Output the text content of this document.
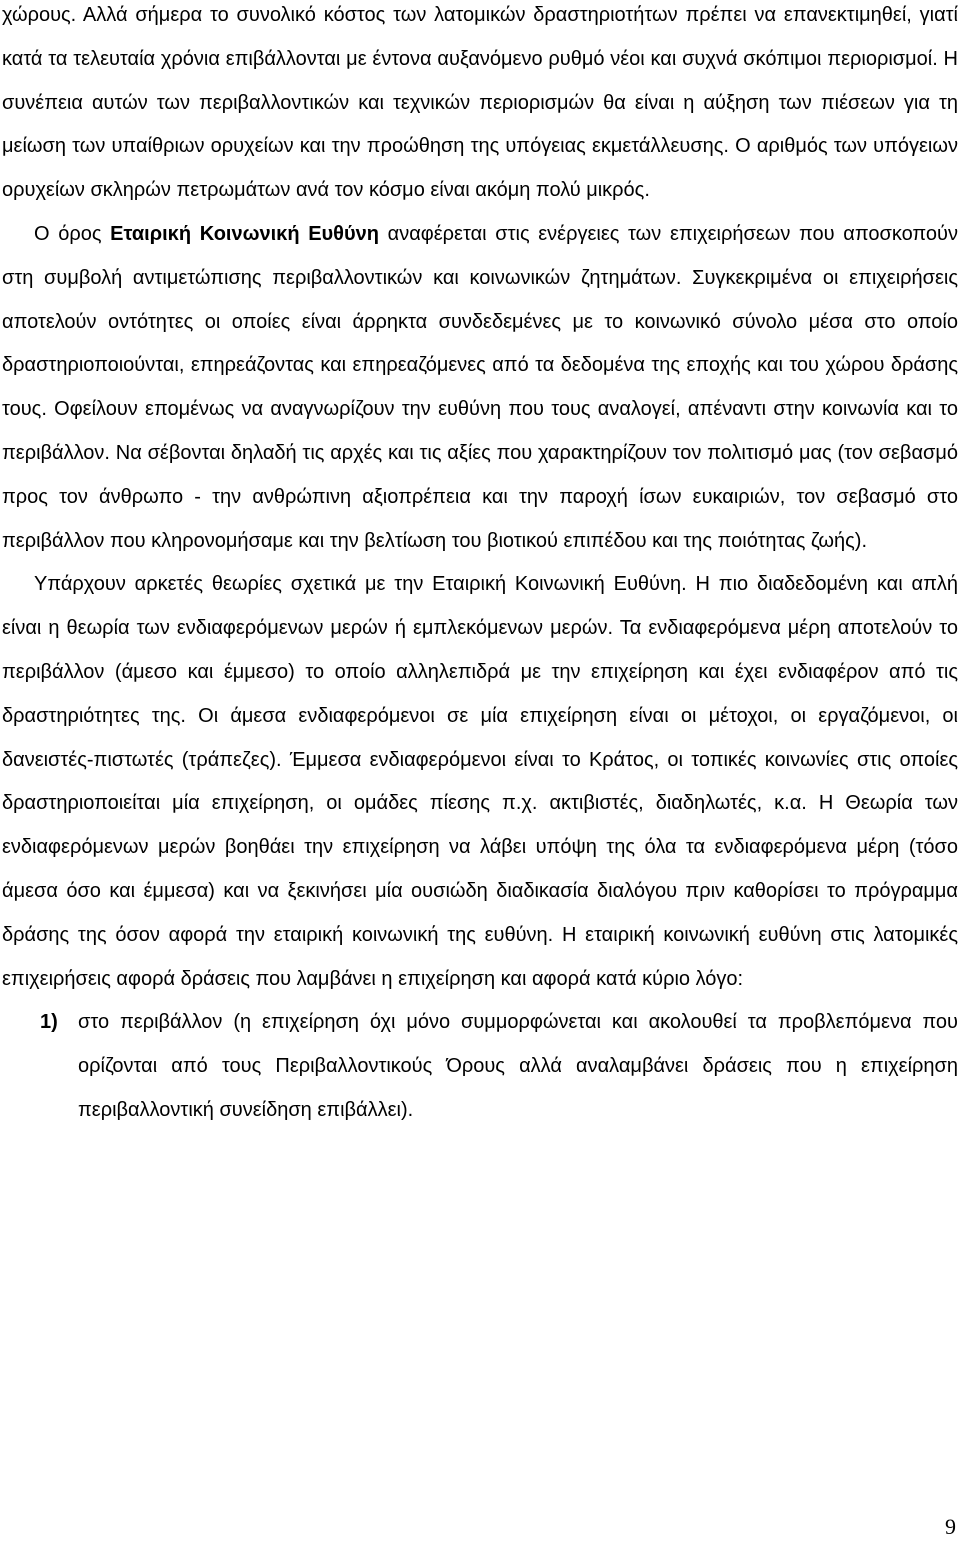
χώρους. Αλλά σήμερα το συνολικό κόστος των λατομικών δραστηριοτήτων πρέπει να επανεκτιμηθεί, γιατί κατά τα τελευταία χρόνια επιβάλλονται με έντονα αυξανόμενο ρυθμό νέοι και συχνά σκόπιμοι περιορισμοί. Η συνέπεια αυτών των περιβαλλοντικών και τεχνικών περιορισμών θα είναι η αύξηση των πιέσεων για τη μείωση των υπαίθριων ορυχείων και την προώθηση της υπόγειας εκμετάλλευσης. Ο αριθμός των υπόγειων ορυχείων σκληρών πετρωμάτων ανά τον κόσμο είναι ακόμη πολύ μικρός.

Ο όρος Εταιρική Κοινωνική Ευθύνη αναφέρεται στις ενέργειες των επιχειρήσεων που αποσκοπούν στη συμβολή αντιμετώπισης περιβαλλοντικών και κοινωνικών ζητημάτων. Συγκεκριμένα οι επιχειρήσεις αποτελούν οντότητες οι οποίες είναι άρρηκτα συνδεδεμένες με το κοινωνικό σύνολο μέσα στο οποίο δραστηριοποιούνται, επηρεάζοντας και επηρεαζόμενες από τα δεδομένα της εποχής και του χώρου δράσης τους. Οφείλουν επομένως να αναγνωρίζουν την ευθύνη που τους αναλογεί, απέναντι στην κοινωνία και το περιβάλλον. Να σέβονται δηλαδή τις αρχές και τις αξίες που χαρακτηρίζουν τον πολιτισμό μας (τον σεβασμό προς τον άνθρωπο - την ανθρώπινη αξιοπρέπεια και την παροχή ίσων ευκαιριών, τον σεβασμό στο περιβάλλον που κληρονομήσαμε και την βελτίωση του βιοτικού επιπέδου και της ποιότητας ζωής).

Υπάρχουν αρκετές θεωρίες σχετικά με την Εταιρική Κοινωνική Ευθύνη. Η πιο διαδεδομένη και απλή είναι η θεωρία των ενδιαφερόμενων μερών ή εμπλεκόμενων μερών. Τα ενδιαφερόμενα μέρη αποτελούν το περιβάλλον (άμεσο και έμμεσο) το οποίο αλληλεπιδρά με την επιχείρηση και έχει ενδιαφέρον από τις δραστηριότητες της. Οι άμεσα ενδιαφερόμενοι σε μία επιχείρηση είναι οι μέτοχοι, οι εργαζόμενοι, οι δανειστές-πιστωτές (τράπεζες). Έμμεσα ενδιαφερόμενοι είναι το Κράτος, οι τοπικές κοινωνίες στις οποίες δραστηριοποιείται μία επιχείρηση, οι ομάδες πίεσης π.χ. ακτιβιστές, διαδηλωτές, κ.α. Η Θεωρία των ενδιαφερόμενων μερών βοηθάει την επιχείρηση να λάβει υπόψη της όλα τα ενδιαφερόμενα μέρη (τόσο άμεσα όσο και έμμεσα) και να ξεκινήσει μία ουσιώδη διαδικασία διαλόγου πριν καθορίσει το πρόγραμμα δράσης της όσον αφορά την εταιρική κοινωνική της ευθύνη. Η εταιρική κοινωνική ευθύνη στις λατομικές επιχειρήσεις αφορά δράσεις που λαμβάνει η επιχείρηση και αφορά κατά κύριο λόγο:

1)	στο περιβάλλον (η επιχείρηση όχι μόνο συμμορφώνεται και ακολουθεί τα προβλεπόμενα που ορίζονται από τους Περιβαλλοντικούς Όρους αλλά αναλαμβάνει δράσεις που η επιχείρηση περιβαλλοντική συνείδηση επιβάλλει).
9
